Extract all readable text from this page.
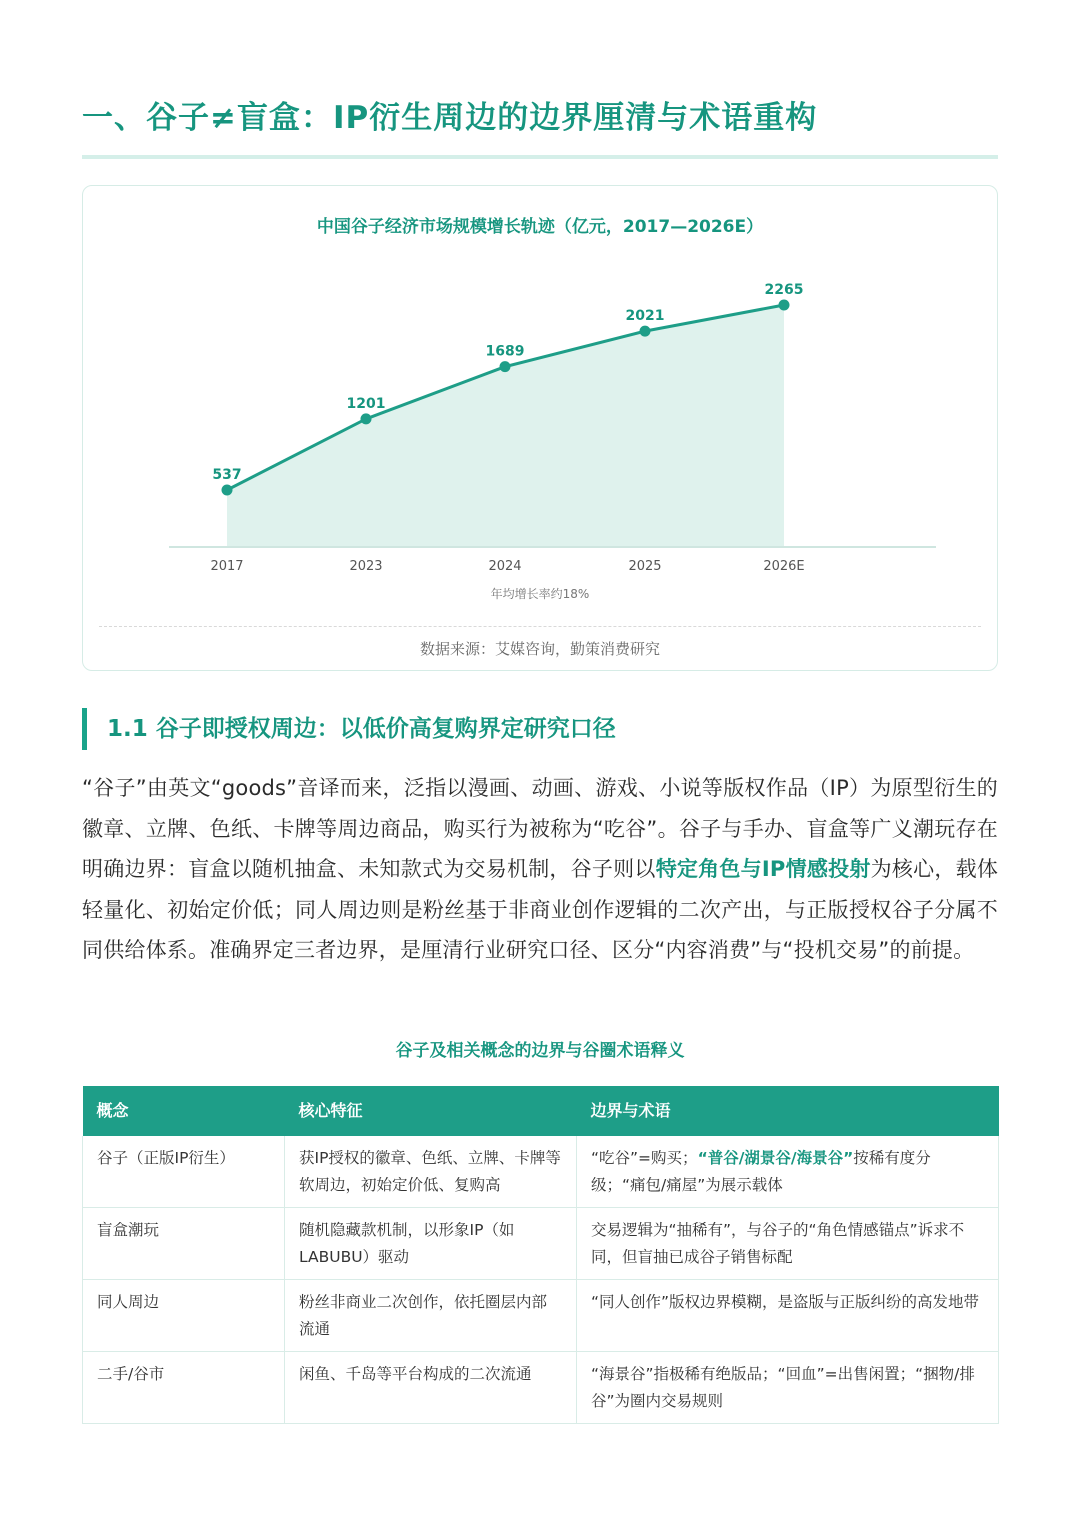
一、谷子≠盲盒：IP衍生周边的边界厘清与术语重构
中国谷子经济市场规模增长轨迹（亿元，2017—2026E）
537
2017
1201
2023
1689
2024
2021
2025
2265
2026E
年均增长率约18%
数据来源：艾媒咨询，勤策消费研究
1.1 谷子即授权周边：以低价高复购界定研究口径
“谷子”由英文“goods”音译而来，泛指以漫画、动画、游戏、小说等版权作品（IP）为原型衍生的徽章、立牌、色纸、卡牌等周边商品，购买行为被称为“吃谷”。谷子与手办、盲盒等广义潮玩存在明确边界：盲盒以随机抽盒、未知款式为交易机制，谷子则以特定角色与IP情感投射为核心，载体轻量化、初始定价低；同人周边则是粉丝基于非商业创作逻辑的二次产出，与正版授权谷子分属不同供给体系。准确界定三者边界，是厘清行业研究口径、区分“内容消费”与“投机交易”的前提。
谷子及相关概念的边界与谷圈术语释义
概念	核心特征	边界与术语
谷子（正版IP衍生）	获IP授权的徽章、色纸、立牌、卡牌等软周边，初始定价低、复购高	“吃谷”=购买；“普谷/湖景谷/海景谷”按稀有度分级；“痛包/痛屋”为展示载体
盲盒潮玩	随机隐藏款机制，以形象IP（如LABUBU）驱动	交易逻辑为“抽稀有”，与谷子的“角色情感锚点”诉求不同，但盲抽已成谷子销售标配
同人周边	粉丝非商业二次创作，依托圈层内部流通	“同人创作”版权边界模糊，是盗版与正版纠纷的高发地带
二手/谷市	闲鱼、千岛等平台构成的二次流通	“海景谷”指极稀有绝版品；“回血”=出售闲置；“捆物/排谷”为圈内交易规则
